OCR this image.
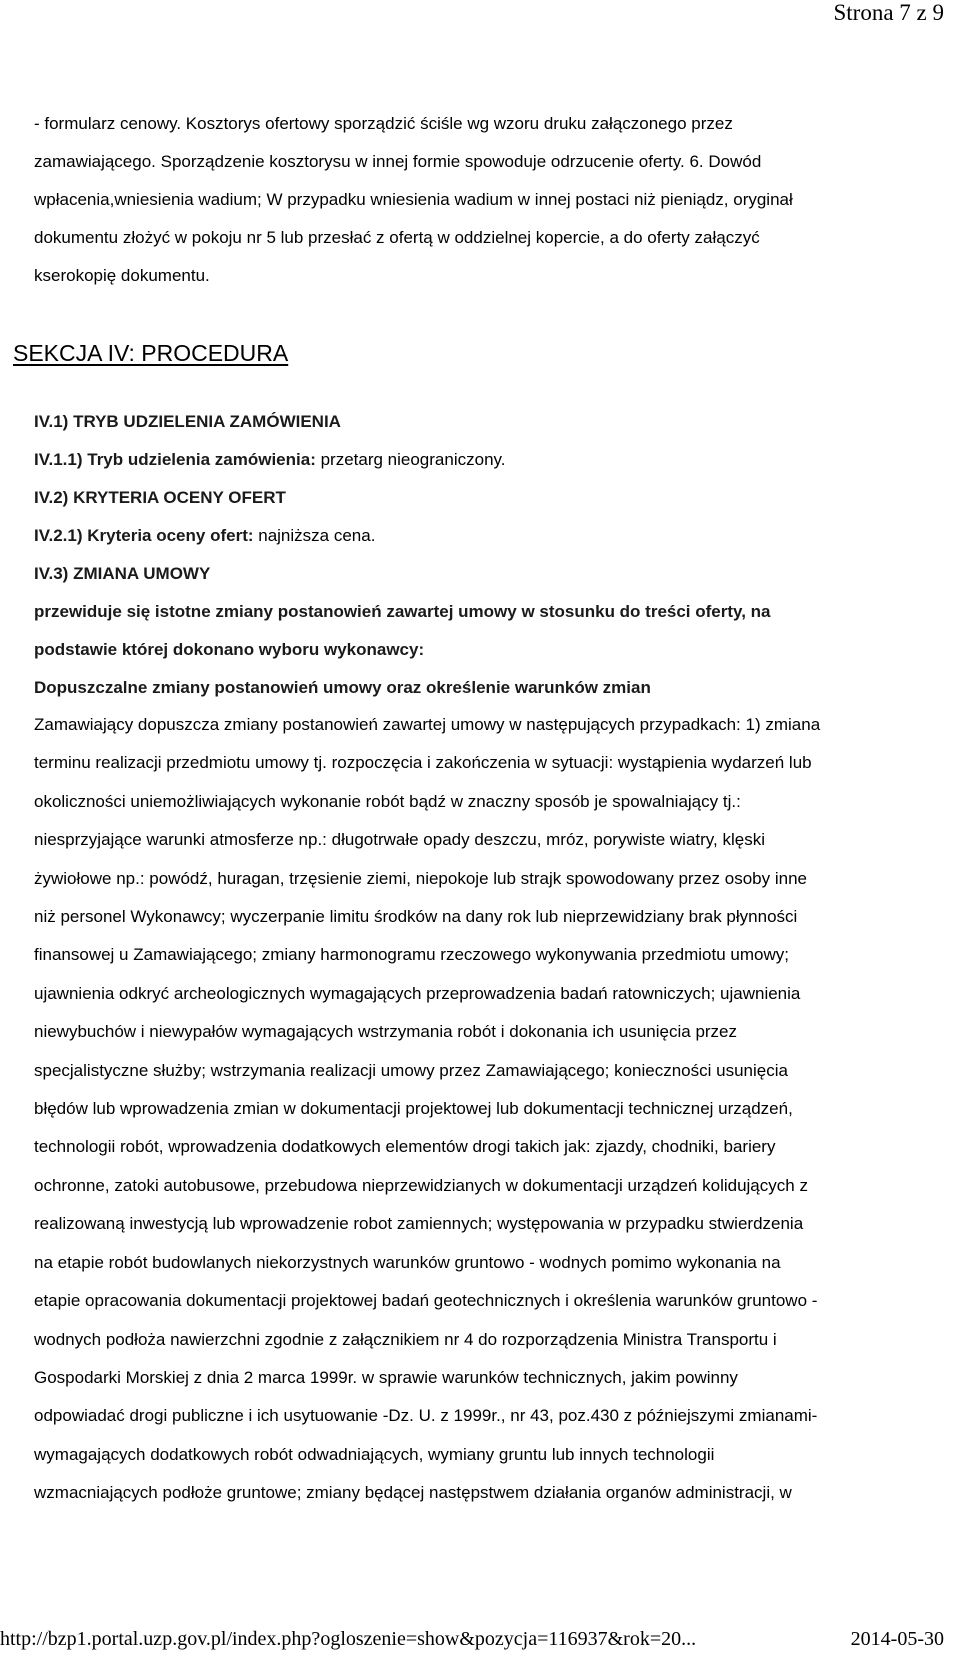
Strona 7 z 9
- formularz cenowy. Kosztorys ofertowy sporządzić ściśle wg wzoru druku załączonego przez
zamawiającego. Sporządzenie kosztorysu w innej formie spowoduje odrzucenie oferty. 6. Dowód
wpłacenia,wniesienia wadium; W przypadku wniesienia wadium w innej postaci niż pieniądz, oryginał
dokumentu złożyć w pokoju nr 5 lub przesłać z ofertą w oddzielnej kopercie, a do oferty załączyć
kserokopię dokumentu.
SEKCJA IV: PROCEDURA
IV.1) TRYB UDZIELENIA ZAMÓWIENIA
IV.1.1) Tryb udzielenia zamówienia: przetarg nieograniczony.
IV.2) KRYTERIA OCENY OFERT
IV.2.1) Kryteria oceny ofert: najniższa cena.
IV.3) ZMIANA UMOWY
przewiduje się istotne zmiany postanowień zawartej umowy w stosunku do treści oferty, na
podstawie której dokonano wyboru wykonawcy:
Dopuszczalne zmiany postanowień umowy oraz określenie warunków zmian
Zamawiający dopuszcza zmiany postanowień zawartej umowy w następujących przypadkach: 1) zmiana
terminu realizacji przedmiotu umowy tj. rozpoczęcia i zakończenia w sytuacji: wystąpienia wydarzeń lub
okoliczności uniemożliwiających wykonanie robót bądź w znaczny sposób je spowalniający tj.:
niesprzyjające warunki atmosferze np.: długotrwałe opady deszczu, mróz, porywiste wiatry, klęski
żywiołowe np.: powódź, huragan, trzęsienie ziemi, niepokoje lub strajk spowodowany przez osoby inne
niż personel Wykonawcy; wyczerpanie limitu środków na dany rok lub nieprzewidziany brak płynności
finansowej u Zamawiającego; zmiany harmonogramu rzeczowego wykonywania przedmiotu umowy;
ujawnienia odkryć archeologicznych wymagających przeprowadzenia badań ratowniczych; ujawnienia
niewybuchów i niewypałów wymagających wstrzymania robót i dokonania ich usunięcia przez
specjalistyczne służby; wstrzymania realizacji umowy przez Zamawiającego; konieczności usunięcia
błędów lub wprowadzenia zmian w dokumentacji projektowej lub dokumentacji technicznej urządzeń,
technologii robót, wprowadzenia dodatkowych elementów drogi takich jak: zjazdy, chodniki, bariery
ochronne, zatoki autobusowe, przebudowa nieprzewidzianych w dokumentacji urządzeń kolidujących z
realizowaną inwestycją lub wprowadzenie robot zamiennych; występowania w przypadku stwierdzenia
na etapie robót budowlanych niekorzystnych warunków gruntowo - wodnych pomimo wykonania na
etapie opracowania dokumentacji projektowej badań geotechnicznych i określenia warunków gruntowo -
wodnych podłoża nawierzchni zgodnie z załącznikiem nr 4 do rozporządzenia Ministra Transportu i
Gospodarki Morskiej z dnia 2 marca 1999r. w sprawie warunków technicznych, jakim powinny
odpowiadać drogi publiczne i ich usytuowanie -Dz. U. z 1999r., nr 43, poz.430 z późniejszymi zmianami-
wymagających dodatkowych robót odwadniających, wymiany gruntu lub innych technologii
wzmacniających podłoże gruntowe; zmiany będącej następstwem działania organów administracji, w
http://bzp1.portal.uzp.gov.pl/index.php?ogloszenie=show&pozycja=116937&rok=20...	2014-05-30
